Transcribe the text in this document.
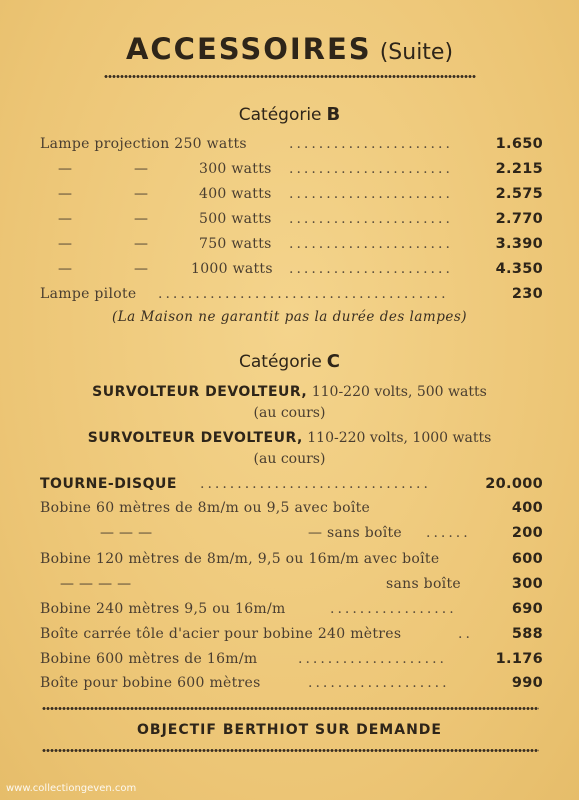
ACCESSOIRES (Suite)
Catégorie B
Lampe projection 250 watts	......................	1.650
—	—	300 watts ......................	2.215
—	—	400 watts ......................	2.575
—	—	500 watts ......................	2.770
—	—	750 watts ......................	3.390
—	—	1000 watts ......................	4.350
Lampe pilote .......................................	230
(La Maison ne garantit pas la durée des lampes)
Catégorie C
SURVOLTEUR DEVOLTEUR, 110-220 volts, 500 watts
(au cours)
SURVOLTEUR DEVOLTEUR, 110-220 volts, 1000 watts
(au cours)
TOURNE-DISQUE ...............................	20.000
Bobine 60 mètres de 8m/m ou 9,5 avec boîte	400
— — —	— sans boîte ......	200
Bobine 120 mètres de 8m/m, 9,5 ou 16m/m avec boîte	600
— — — —	sans boîte	300
Bobine 240 mètres 9,5 ou 16m/m	.................	690
Boîte carrée tôle d'acier pour bobine 240 mètres	..	588
Bobine 600 mètres de 16m/m	....................	1.176
Boîte pour bobine 600 mètres	...................	990
OBJECTIF BERTHIOT SUR DEMANDE
www.collectiongeven.com
